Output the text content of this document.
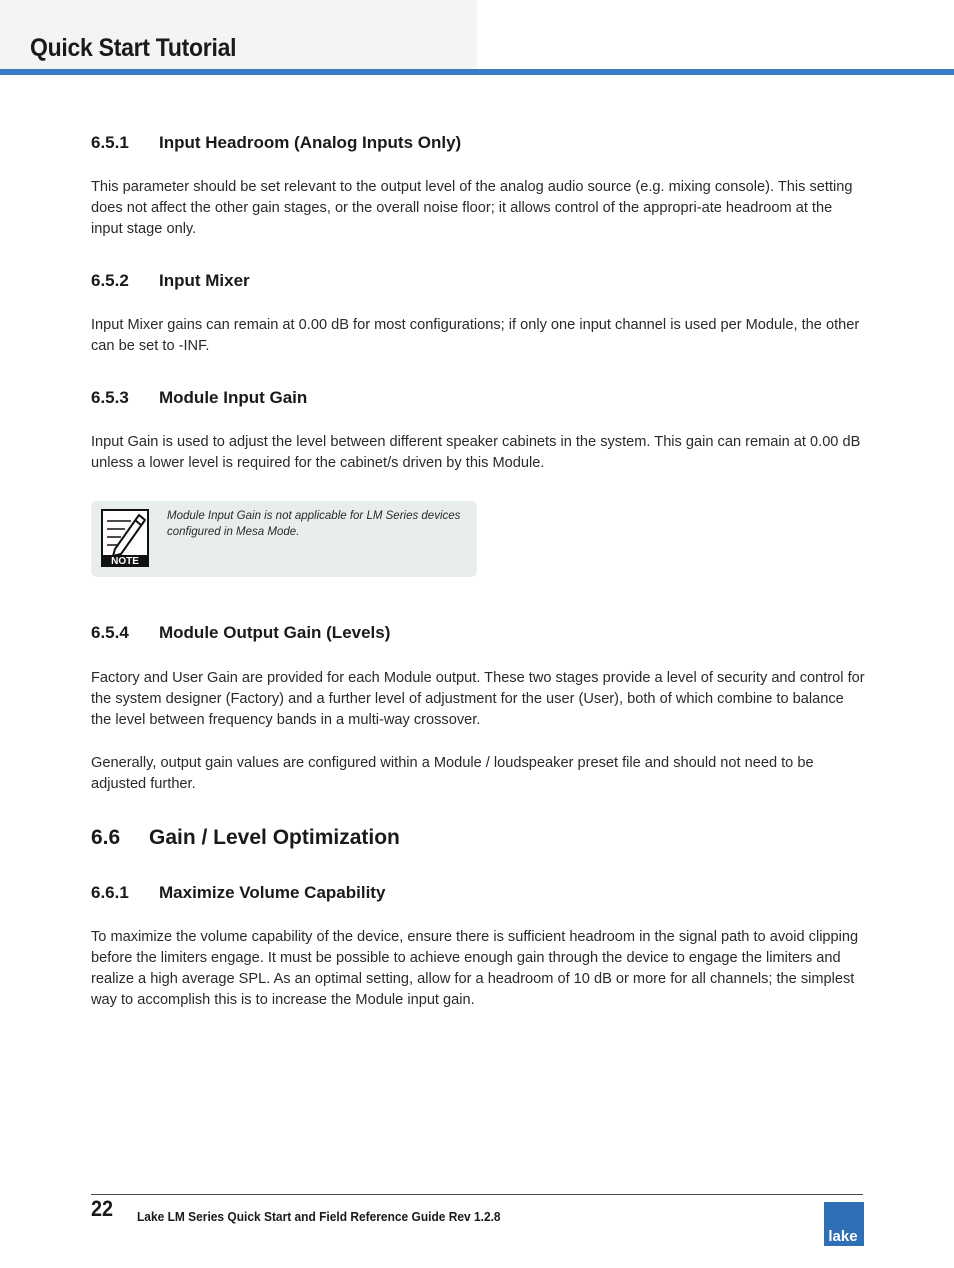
Quick Start Tutorial
6.5.1 Input Headroom (Analog Inputs Only)

This parameter should be set relevant to the output level of the analog audio source (e.g. mixing console). This setting does not affect the other gain stages, or the overall noise floor; it allows control of the appropri-ate headroom at the input stage only.

6.5.2 Input Mixer

Input Mixer gains can remain at 0.00 dB for most configurations; if only one input channel is used per Module, the other can be set to -INF.

6.5.3 Module Input Gain

Input Gain is used to adjust the level between different speaker cabinets in the system. This gain can remain at 0.00 dB unless a lower level is required for the cabinet/s driven by this Module.

6.5.4 Module Output Gain (Levels)

Factory and User Gain are provided for each Module output. These two stages provide a level of security and control for the system designer (Factory) and a further level of adjustment for the user (User), both of which combine to balance the level between frequency bands in a multi-way crossover.

Generally, output gain values are configured within a Module / loudspeaker preset file and should not need to be adjusted further.

6.6 Gain / Level Optimization
6.6.1 Maximize Volume Capability

To maximize the volume capability of the device, ensure there is sufficient headroom in the signal path to avoid clipping before the limiters engage. It must be possible to achieve enough gain through the device to engage the limiters and realize a high average SPL. As an optimal setting, allow for a headroom of 10 dB or more for all channels; the simplest way to accomplish this is to increase the Module input gain.

NOTE

Module Input Gain is not applicable for LM Series devices configured in Mesa Mode.

22	Lake LM Series Quick Start and Field Reference Guide Rev 1.2.8

lake
